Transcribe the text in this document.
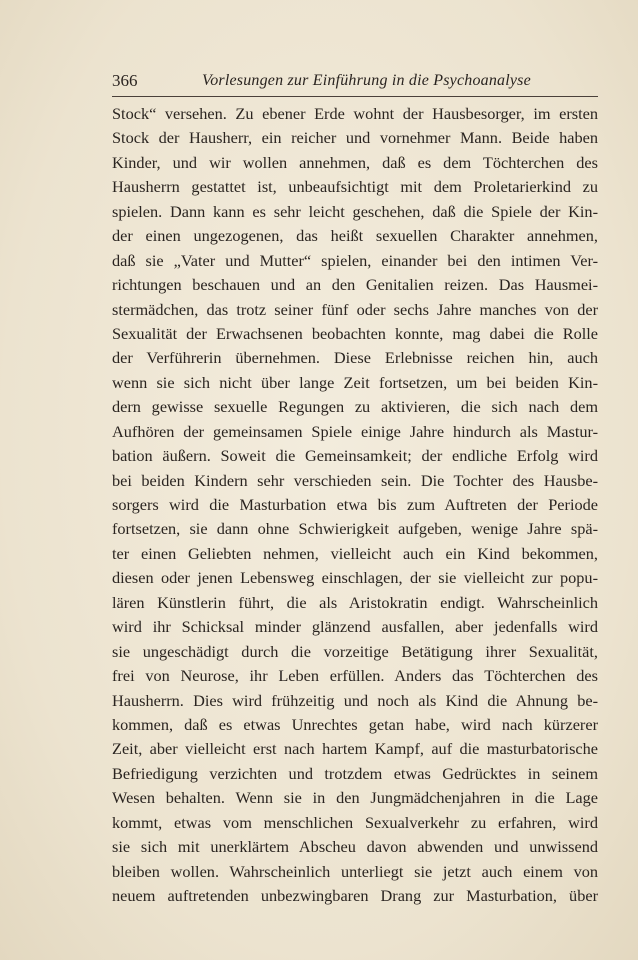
366	Vorlesungen zur Einführung in die Psychoanalyse
Stock“ versehen. Zu ebener Erde wohnt der Hausbesorger, im ersten
Stock der Hausherr, ein reicher und vornehmer Mann. Beide haben
Kinder, und wir wollen annehmen, daß es dem Töchterchen des
Hausherrn gestattet ist, unbeaufsichtigt mit dem Proletarierkind zu
spielen. Dann kann es sehr leicht geschehen, daß die Spiele der Kin-
der einen ungezogenen, das heißt sexuellen Charakter annehmen,
daß sie „Vater und Mutter“ spielen, einander bei den intimen Ver-
richtungen beschauen und an den Genitalien reizen. Das Hausmei-
stermädchen, das trotz seiner fünf oder sechs Jahre manches von der
Sexualität der Erwachsenen beobachten konnte, mag dabei die Rolle
der Verführerin übernehmen. Diese Erlebnisse reichen hin, auch
wenn sie sich nicht über lange Zeit fortsetzen, um bei beiden Kin-
dern gewisse sexuelle Regungen zu aktivieren, die sich nach dem
Aufhören der gemeinsamen Spiele einige Jahre hindurch als Mastur-
bation äußern. Soweit die Gemeinsamkeit; der endliche Erfolg wird
bei beiden Kindern sehr verschieden sein. Die Tochter des Hausbe-
sorgers wird die Masturbation etwa bis zum Auftreten der Periode
fortsetzen, sie dann ohne Schwierigkeit aufgeben, wenige Jahre spä-
ter einen Geliebten nehmen, vielleicht auch ein Kind bekommen,
diesen oder jenen Lebensweg einschlagen, der sie vielleicht zur popu-
lären Künstlerin führt, die als Aristokratin endigt. Wahrscheinlich
wird ihr Schicksal minder glänzend ausfallen, aber jedenfalls wird
sie ungeschädigt durch die vorzeitige Betätigung ihrer Sexualität,
frei von Neurose, ihr Leben erfüllen. Anders das Töchterchen des
Hausherrn. Dies wird frühzeitig und noch als Kind die Ahnung be-
kommen, daß es etwas Unrechtes getan habe, wird nach kürzerer
Zeit, aber vielleicht erst nach hartem Kampf, auf die masturbatorische
Befriedigung verzichten und trotzdem etwas Gedrücktes in seinem
Wesen behalten. Wenn sie in den Jungmädchenjahren in die Lage
kommt, etwas vom menschlichen Sexualverkehr zu erfahren, wird
sie sich mit unerklärtem Abscheu davon abwenden und unwissend
bleiben wollen. Wahrscheinlich unterliegt sie jetzt auch einem von
neuem auftretenden unbezwingbaren Drang zur Masturbation, über
